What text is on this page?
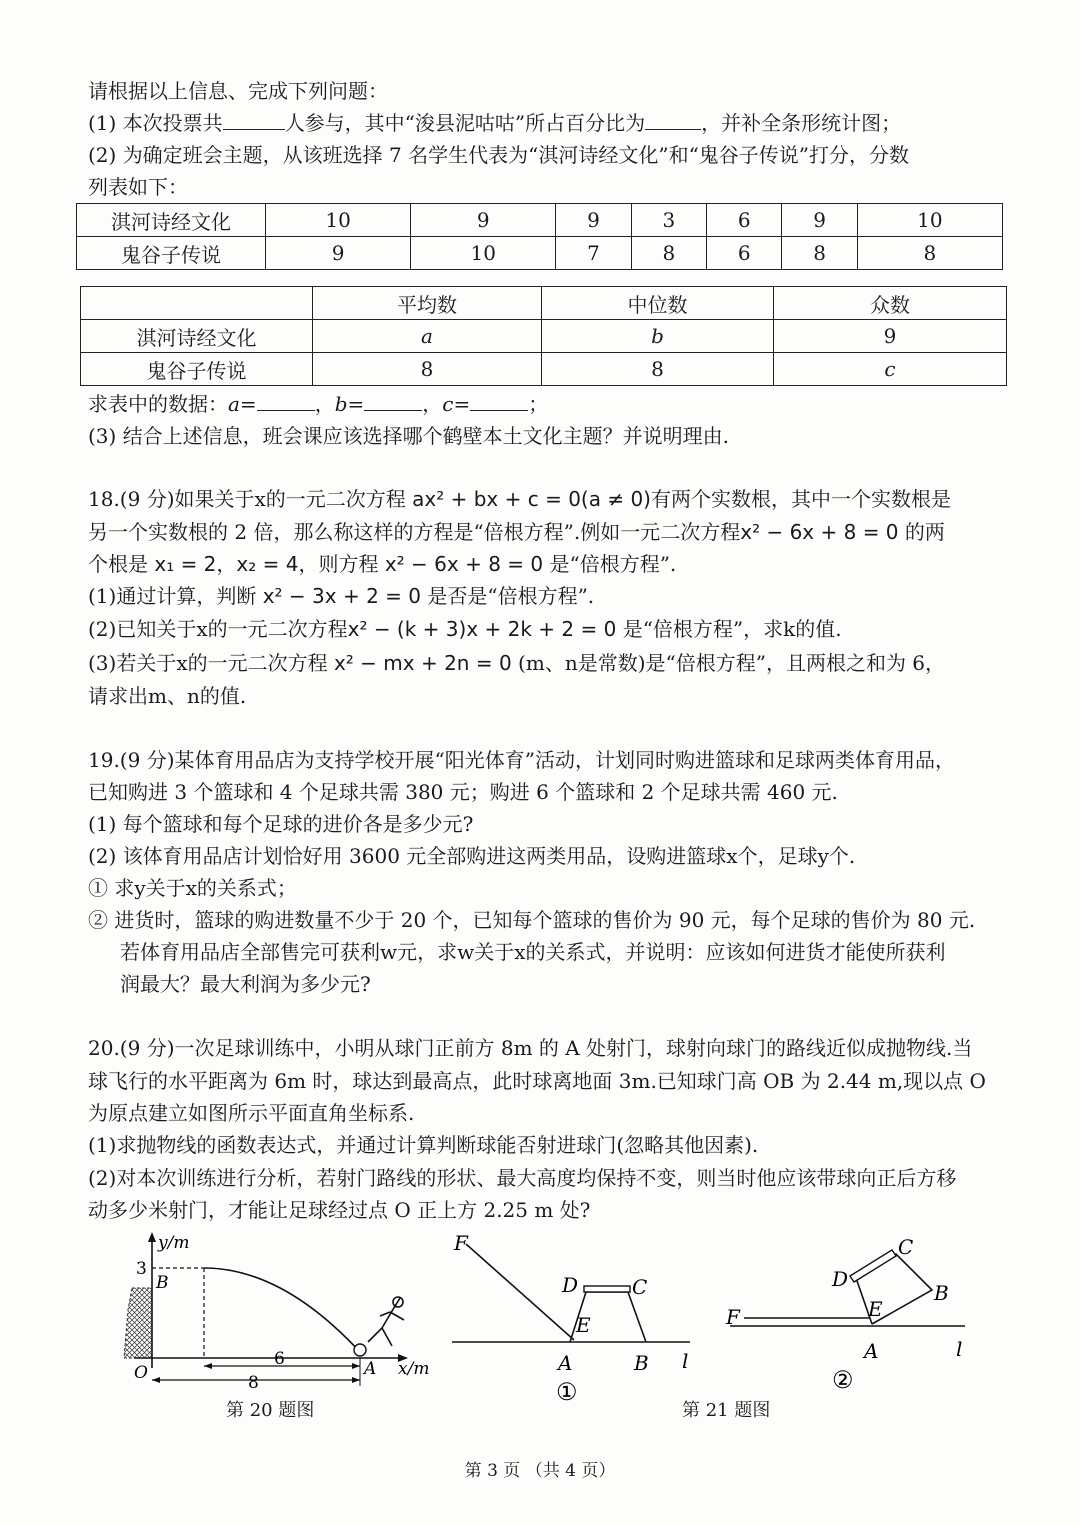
请根据以上信息、完成下列问题：
(1) 本次投票共	人参与，其中“浚县泥咕咕”所占百分比为	，并补全条形统计图；
(2) 为确定班会主题，从该班选择 7 名学生代表为“淇河诗经文化”和“鬼谷子传说”打分，分数
列表如下：
淇河诗经文化	10	9	9	3	6	9	10
鬼谷子传说	9	10	7	8	6	8	8
	平均数	中位数	众数
淇河诗经文化	a	b	9
鬼谷子传说	8	8	c
求表中的数据：a=	，b=	，c=	；
(3) 结合上述信息，班会课应该选择哪个鹤壁本土文化主题？并说明理由.
18.(9 分)如果关于x的一元二次方程 ax² + bx + c = 0(a ≠ 0)有两个实数根，其中一个实数根是
另一个实数根的 2 倍，那么称这样的方程是“倍根方程”.例如一元二次方程x² − 6x + 8 = 0 的两
个根是 x₁ = 2，x₂ = 4，则方程 x² − 6x + 8 = 0 是“倍根方程”.
(1)通过计算，判断 x² − 3x + 2 = 0 是否是“倍根方程”.
(2)已知关于x的一元二次方程x² − (k + 3)x + 2k + 2 = 0 是“倍根方程”，求k的值.
(3)若关于x的一元二次方程 x² − mx + 2n = 0 (m、n是常数)是“倍根方程”，且两根之和为 6，
请求出m、n的值.
19.(9 分)某体育用品店为支持学校开展“阳光体育”活动，计划同时购进篮球和足球两类体育用品，
已知购进 3 个篮球和 4 个足球共需 380 元；购进 6 个篮球和 2 个足球共需 460 元.
(1) 每个篮球和每个足球的进价各是多少元?
(2) 该体育用品店计划恰好用 3600 元全部购进这两类用品，设购进篮球x个，足球y个.
① 求y关于x的关系式；
② 进货时，篮球的购进数量不少于 20 个，已知每个篮球的售价为 90 元，每个足球的售价为 80 元.
若体育用品店全部售完可获利w元，求w关于x的关系式，并说明：应该如何进货才能使所获利
润最大？最大利润为多少元?
20.(9 分)一次足球训练中，小明从球门正前方 8m 的 A 处射门，球射向球门的路线近似成抛物线.当
球飞行的水平距离为 6m 时，球达到最高点，此时球离地面 3m.已知球门高 OB 为 2.44 m,现以点 O
为原点建立如图所示平面直角坐标系.
(1)求抛物线的函数表达式，并通过计算判断球能否射进球门(忽略其他因素).
(2)对本次训练进行分析，若射门路线的形状、最大高度均保持不变，则当时他应该带球向正后方移
动多少米射门，才能让足球经过点 O 正上方 2.25 m 处?
y/m
3
B
O	A x/m
8
6
第 20 题图
F
D	C
E
A	B l
①
C
D
B
E
F
A	l
②
第 21 题图
第 3 页 （共 4 页）
